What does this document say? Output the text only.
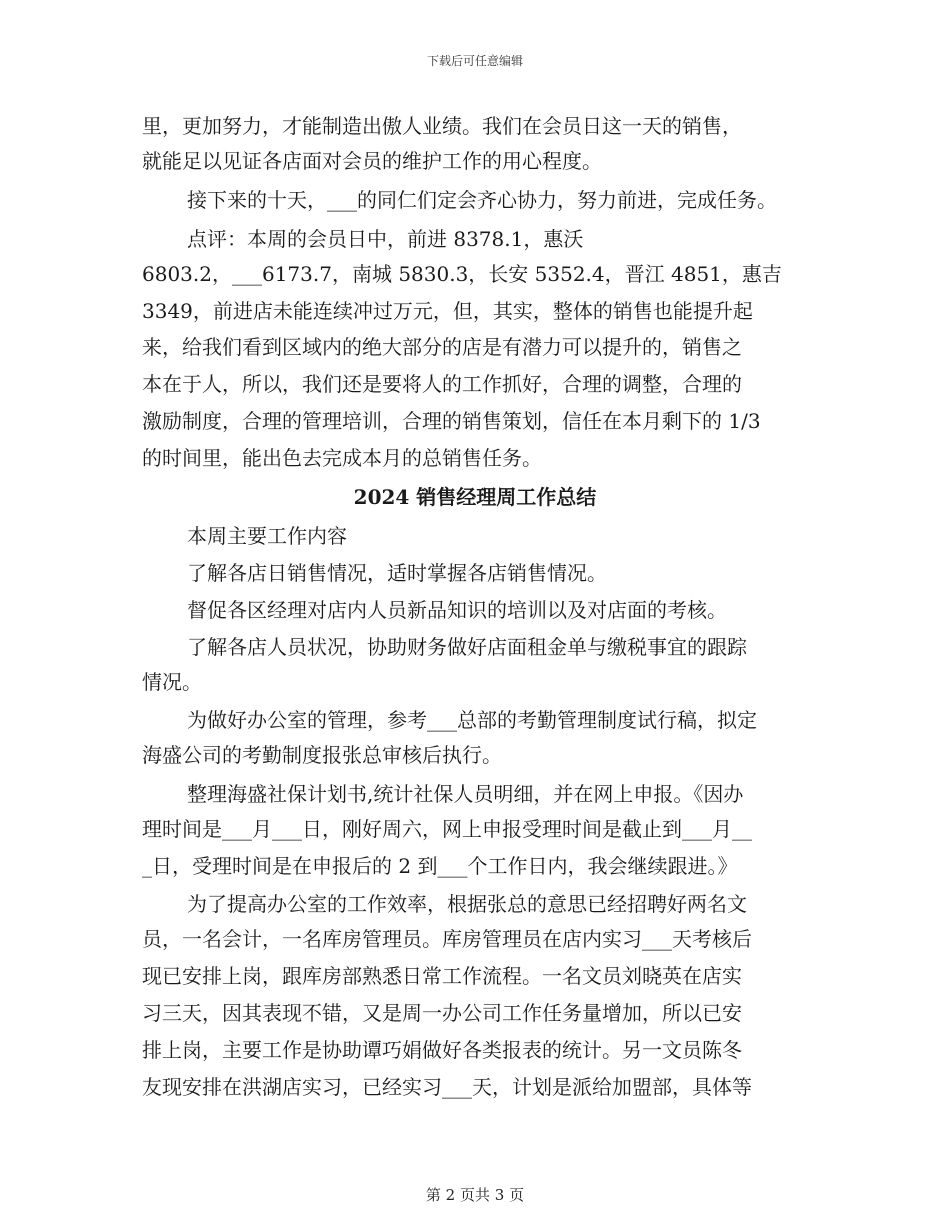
下载后可任意编辑
里，更加努力，才能制造出傲人业绩。我们在会员日这一天的销售，
就能足以见证各店面对会员的维护工作的用心程度。
接下来的十天，___的同仁们定会齐心协力，努力前进，完成任务。
点评：本周的会员日中，前进 8378.1，惠沃
6803.2，___6173.7，南城 5830.3，长安 5352.4，晋江 4851，惠吉
3349，前进店未能连续冲过万元，但，其实，整体的销售也能提升起
来，给我们看到区域内的绝大部分的店是有潜力可以提升的，销售之
本在于人，所以，我们还是要将人的工作抓好，合理的调整，合理的
激励制度，合理的管理培训，合理的销售策划，信任在本月剩下的 1/3
的时间里，能出色去完成本月的总销售任务。
2024 销售经理周工作总结
本周主要工作内容
了解各店日销售情况，适时掌握各店销售情况。
督促各区经理对店内人员新品知识的培训以及对店面的考核。
了解各店人员状况，协助财务做好店面租金单与缴税事宜的跟踪
情况。
为做好办公室的管理，参考___总部的考勤管理制度试行稿，拟定
海盛公司的考勤制度报张总审核后执行。
整理海盛社保计划书,统计社保人员明细，并在网上申报。《因办
理时间是___月___日，刚好周六，网上申报受理时间是截止到___月__
_日，受理时间是在申报后的 2 到___个工作日内，我会继续跟进。》
为了提高办公室的工作效率，根据张总的意思已经招聘好两名文
员，一名会计，一名库房管理员。库房管理员在店内实习___天考核后
现已安排上岗，跟库房部熟悉日常工作流程。一名文员刘晓英在店实
习三天，因其表现不错，又是周一办公司工作任务量增加，所以已安
排上岗，主要工作是协助谭巧娟做好各类报表的统计。另一文员陈冬
友现安排在洪湖店实习，已经实习___天，计划是派给加盟部，具体等
第 2 页共 3 页
